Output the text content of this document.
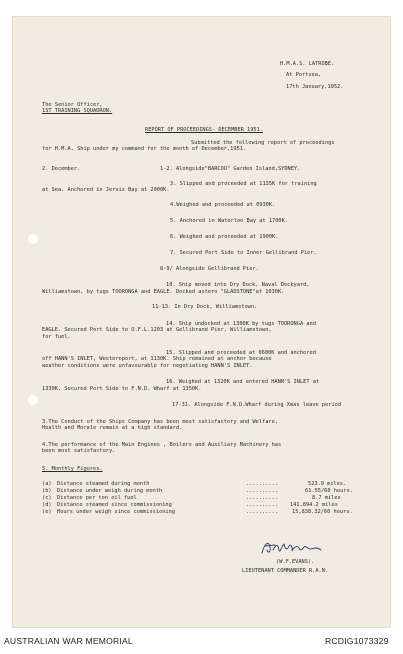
H.M.A.S. LATROBE.
At Portsea,
17th January,1952.
The Senior Officer,
1ST TRAINING SQUADRON.
REPORT OF PROCEEDINGS- DECEMBER 1951.
Submitted the following report of proceedings
for H.M.A. Ship under my command for the month of December,1951.
2. December.	1-2. Alongside"BARCOO" Garden Island,SYDNEY.
3. Slipped and proceeded at 1135K for training
at Sea. Anchored in Jervis Bay at 2000K.
4.Weighed and proceeded at 0930K.
5. Anchored in Waterloo Bay at 1700K.
6. Weighed and proceeded at 1900K.
7. Secured Port Side to Inner Gellibrand Pier.
8-9/ Alongside Gellibrand Pier.
10. Ship moved into Dry Dock, Naval Dockyard,
Williamstown, by tugs TOORONGA and EAGLE. Docked astern "GLADSTONE"at 1030K.
11-13. In Dry Dock, Williamstown.
14. Ship undocked at 1300K by tugs TOORONGA and
EAGLE. Secured Port Side to O.F.L.1203 at Gellibrand Pier, Williamstown,
for fuel.
15. Slipped and proceeded at 0600K and anchored
off HANN'S INLET, Westernport, at 1130K. Ship remained at anchor because
weather conditions were unfavourable for negotiating HANN'S INLET.
16. Weighed at 1320K and entered HANN'S INLET at
1330K. Secured Port Side to F.N.D. Wharf at 1350K.
17-31. Alongside F.N.D.Wharf during Xmas leave period
3.The Conduct of the Ships Company has been most satisfactory and Welfare,
Health and Morale remain at a high standard.
4.The performance of the Main Engines , Boilers and Auxiliary Machinery has
been most satisfactory.
5. Monthly Figures.
(a) Distance steamed during month	..........	523.9 miles.
(b) Distance under weigh during month	..........	61.55/60 hours.
(c) Distance per ton oil fuel	..........	8.7 miles
(d) Distance steamed since commissioning	.......... 141,894.2 miles
(e) Hours under weigh since commissioning	..........	15,838.32/60 hours.
(W.F.EVANS).
LIEUTENANT COMMANDER R.A.N.
AUSTRALIAN WAR MEMORIAL	RCDIG1073329
